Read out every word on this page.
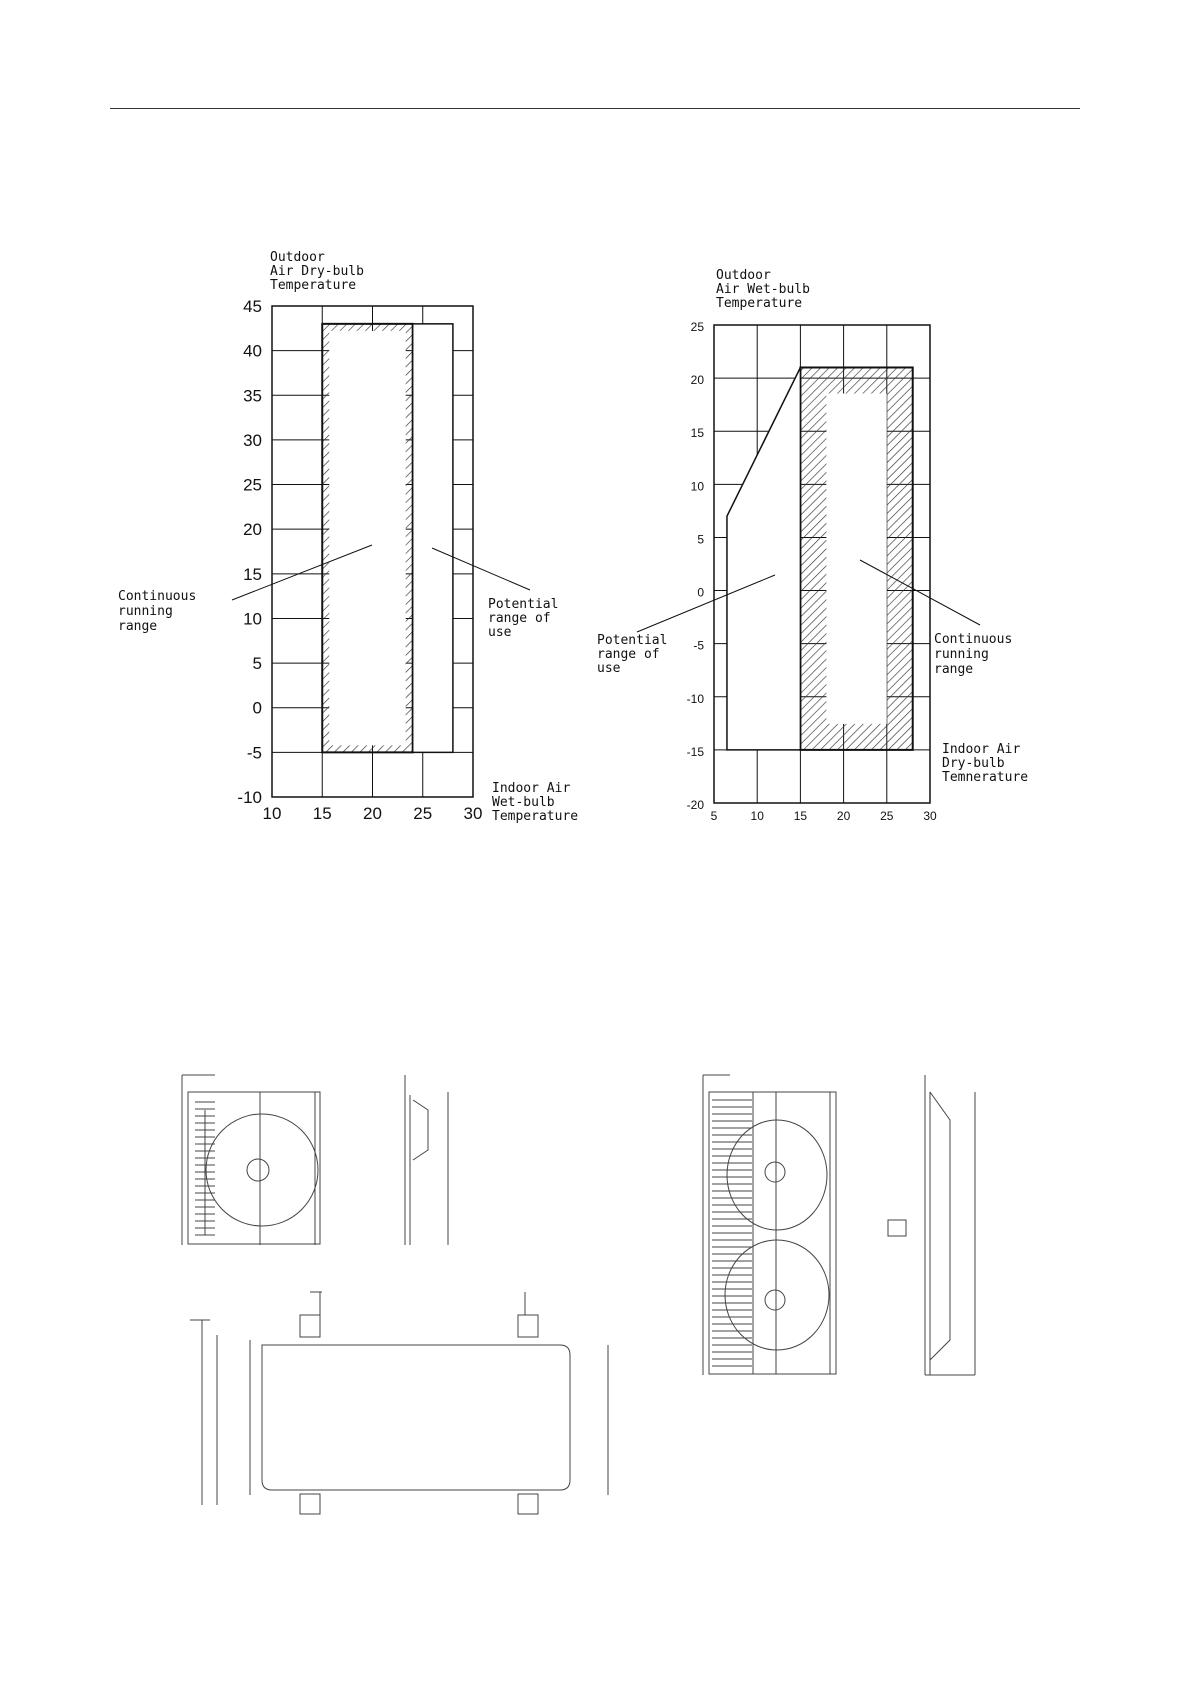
Outdoor Air Dry-bulb Temperature
Indoor Air Wet-bulb Temperature
Continuous running range
Potential range of use
Outdoor Air Wet-bulb Temperature
Indoor Air Dry-bulb Temnerature
Potential range of use
Continuous running range
45
40
35
30
25
20
15
10
5
0
-5
-10
10 15 20 25 30
25
20
15
10
5
0
-5
-10
-15
-20
5	10 15 20 25 30
